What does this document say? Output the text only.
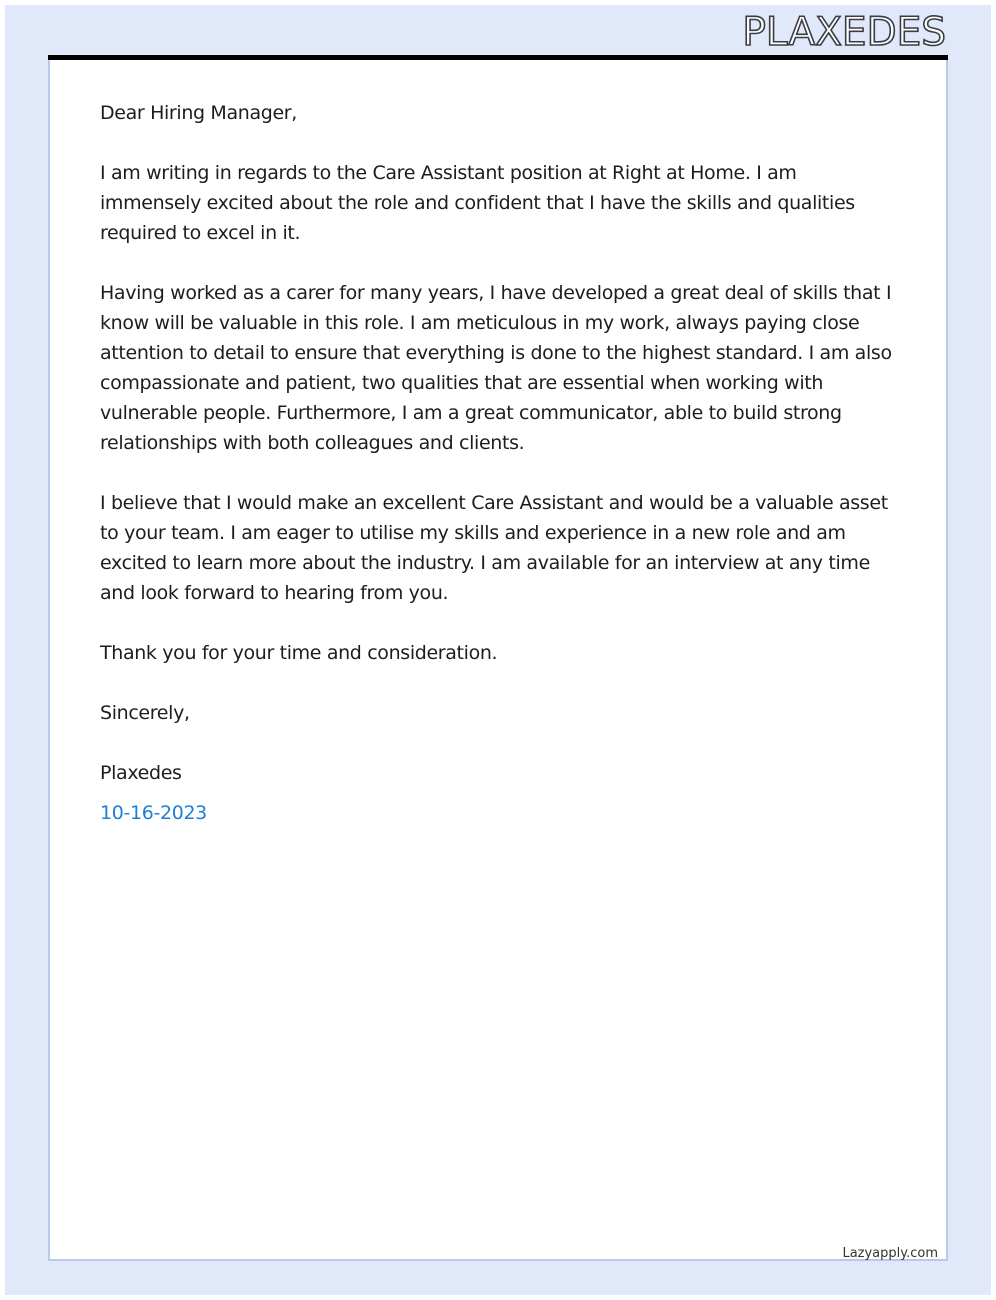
PLAXEDES

Dear Hiring Manager,

I am writing in regards to the Care Assistant position at Right at Home. I am immensely excited about the role and confident that I have the skills and qualities required to excel in it.

Having worked as a carer for many years, I have developed a great deal of skills that I know will be valuable in this role. I am meticulous in my work, always paying close attention to detail to ensure that everything is done to the highest standard. I am also compassionate and patient, two qualities that are essential when working with vulnerable people. Furthermore, I am a great communicator, able to build strong relationships with both colleagues and clients.

I believe that I would make an excellent Care Assistant and would be a valuable asset to your team. I am eager to utilise my skills and experience in a new role and am excited to learn more about the industry. I am available for an interview at any time and look forward to hearing from you.

Thank you for your time and consideration.

Sincerely,

Plaxedes

10-16-2023

Lazyapply.com
